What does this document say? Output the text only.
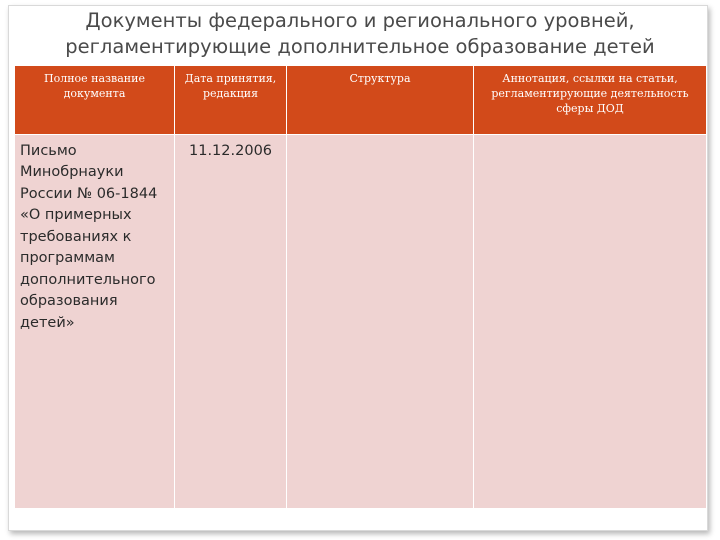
Документы федерального и регионального уровней,
регламентирующие дополнительное образование детей
Полное название документа	Дата принятия, редакция	Структура	Аннотация, ссылки на статьи, регламентирующие деятельность сферы ДОД
Письмо Минобрнауки России № 06-1844 «О примерных требованиях к программам дополнительного образования детей»	11.12.2006		
